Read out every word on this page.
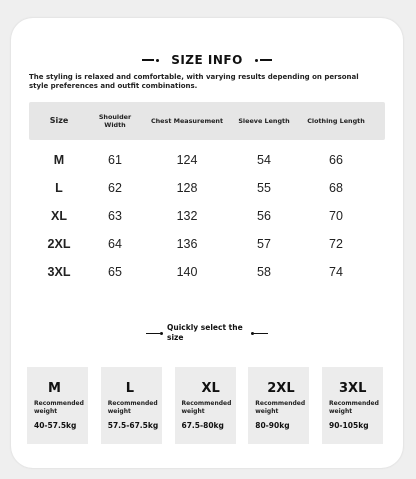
SIZE INFO
The styling is relaxed and comfortable, with varying results depending on personal style preferences and outfit combinations.
Size	Shoulder Width	Chest Measurement	Sleeve Length	Clothing Length
M	61	124	54	66
L	62	128	55	68
XL	63	132	56	70
2XL	64	136	57	72
3XL	65	140	58	74
Quickly select the size
M
Recommended weight
40-57.5kg
L
Recommended weight
57.5-67.5kg
XL
Recommended weight
67.5-80kg
2XL
Recommended weight
80-90kg
3XL
Recommended weight
90-105kg
